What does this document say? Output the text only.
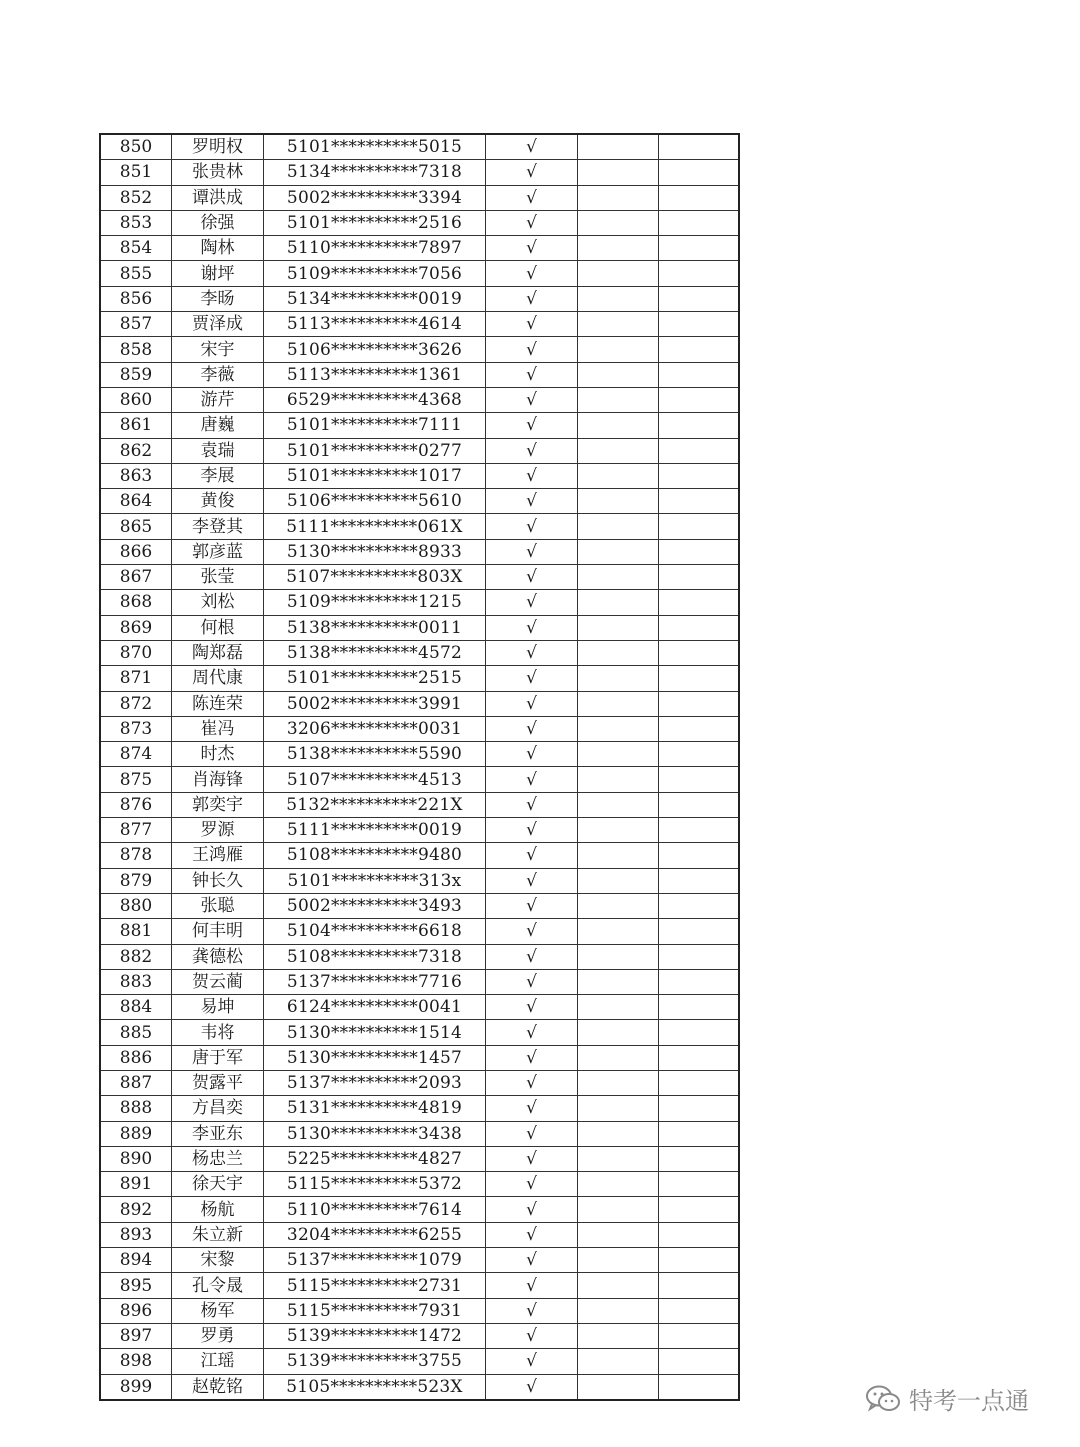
850	罗明权	5101**********5015	√		
851	张贵林	5134**********7318	√		
852	谭洪成	5002**********3394	√		
853	徐强	5101**********2516	√		
854	陶林	5110**********7897	√		
855	谢坪	5109**********7056	√		
856	李旸	5134**********0019	√		
857	贾泽成	5113**********4614	√		
858	宋宇	5106**********3626	√		
859	李薇	5113**********1361	√		
860	游芹	6529**********4368	√		
861	唐巍	5101**********7111	√		
862	袁瑞	5101**********0277	√		
863	李展	5101**********1017	√		
864	黄俊	5106**********5610	√		
865	李登其	5111**********061X	√		
866	郭彦蓝	5130**********8933	√		
867	张莹	5107**********803X	√		
868	刘松	5109**********1215	√		
869	何根	5138**********0011	√		
870	陶郑磊	5138**********4572	√		
871	周代康	5101**********2515	√		
872	陈连荣	5002**********3991	√		
873	崔冯	3206**********0031	√		
874	时杰	5138**********5590	√		
875	肖海锋	5107**********4513	√		
876	郭奕宇	5132**********221X	√		
877	罗源	5111**********0019	√		
878	王鸿雁	5108**********9480	√		
879	钟长久	5101**********313x	√		
880	张聪	5002**********3493	√		
881	何丰明	5104**********6618	√		
882	龚德松	5108**********7318	√		
883	贺云蔺	5137**********7716	√		
884	易坤	6124**********0041	√		
885	韦将	5130**********1514	√		
886	唐于军	5130**********1457	√		
887	贺露平	5137**********2093	√		
888	方昌奕	5131**********4819	√		
889	李亚东	5130**********3438	√		
890	杨忠兰	5225**********4827	√		
891	徐天宇	5115**********5372	√		
892	杨航	5110**********7614	√		
893	朱立新	3204**********6255	√		
894	宋黎	5137**********1079	√		
895	孔令晟	5115**********2731	√		
896	杨军	5115**********7931	√		
897	罗勇	5139**********1472	√		
898	江瑶	5139**********3755	√		
899	赵乾铭	5105**********523X	√		
特考一点通
